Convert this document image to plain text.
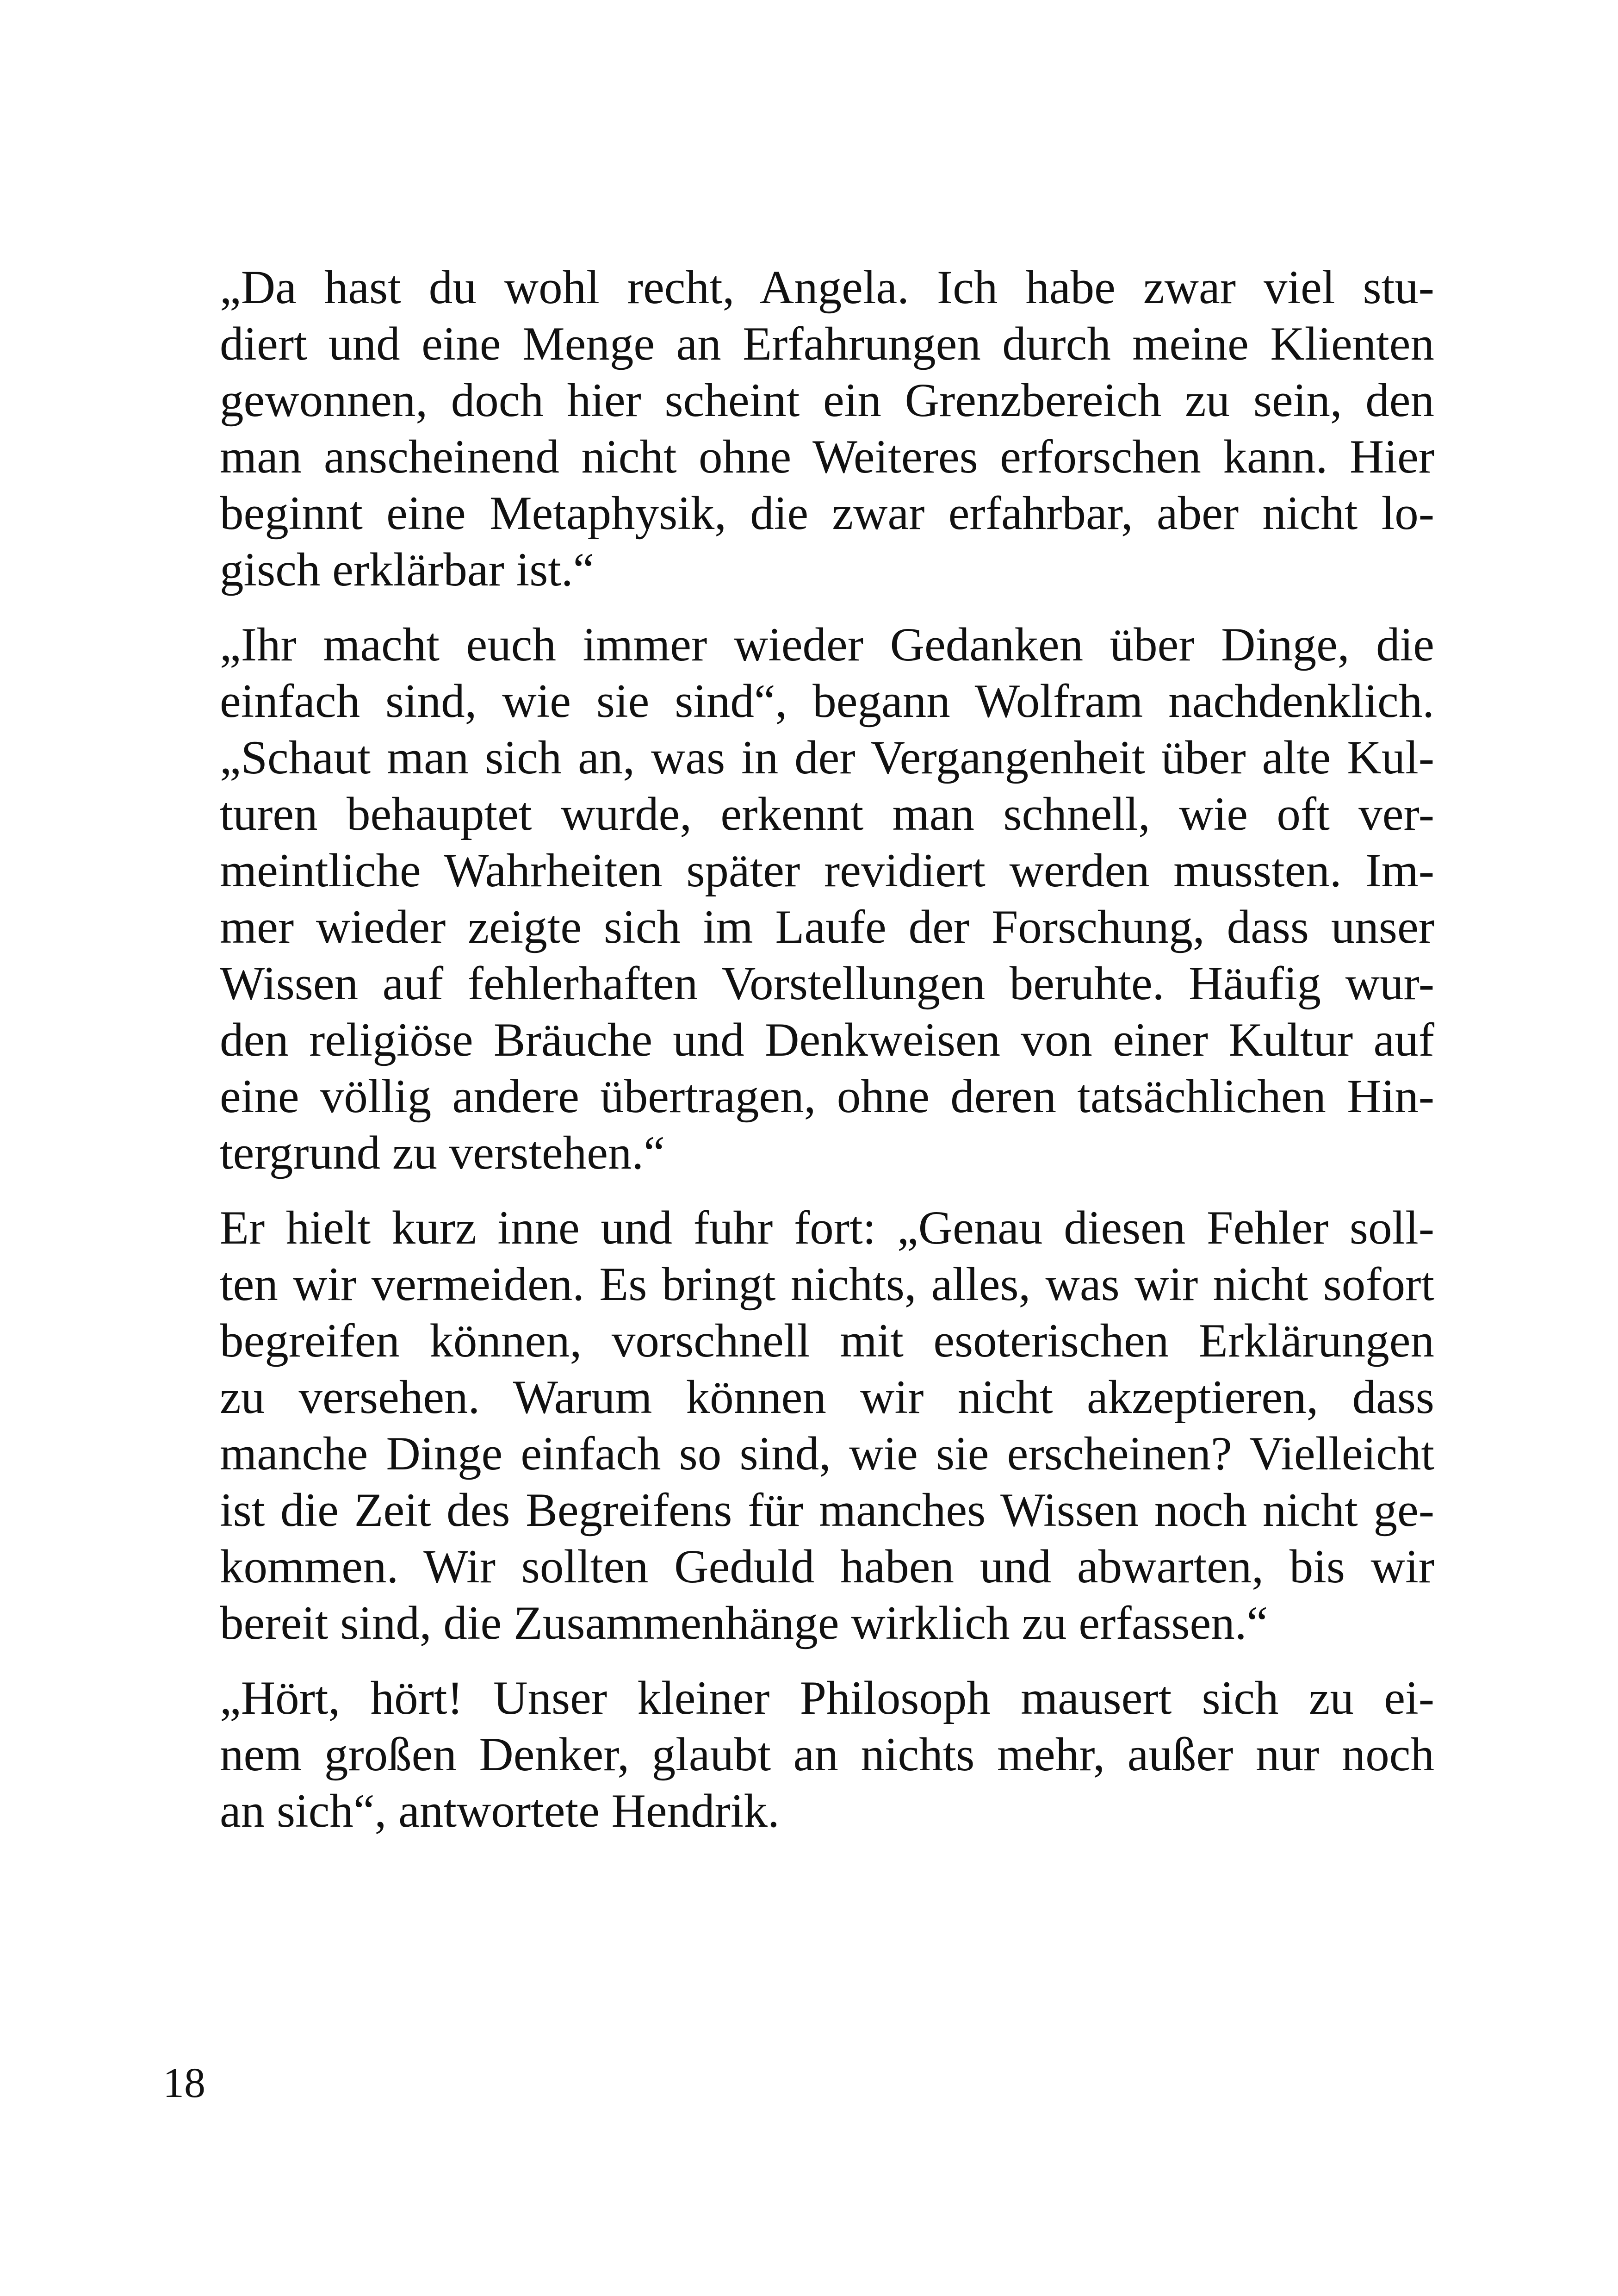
„Da hast du wohl recht, Angela. Ich habe zwar viel stu-
diert und eine Menge an Erfahrungen durch meine Klienten
gewonnen, doch hier scheint ein Grenzbereich zu sein, den
man anscheinend nicht ohne Weiteres erforschen kann. Hier
beginnt eine Metaphysik, die zwar erfahrbar, aber nicht lo-
gisch erklärbar ist.“

„Ihr macht euch immer wieder Gedanken über Dinge, die
einfach sind, wie sie sind“, begann Wolfram nachdenklich.
„Schaut man sich an, was in der Vergangenheit über alte Kul-
turen behauptet wurde, erkennt man schnell, wie oft ver-
meintliche Wahrheiten später revidiert werden mussten. Im-
mer wieder zeigte sich im Laufe der Forschung, dass unser
Wissen auf fehlerhaften Vorstellungen beruhte. Häufig wur-
den religiöse Bräuche und Denkweisen von einer Kultur auf
eine völlig andere übertragen, ohne deren tatsächlichen Hin-
tergrund zu verstehen.“

Er hielt kurz inne und fuhr fort: „Genau diesen Fehler soll-
ten wir vermeiden. Es bringt nichts, alles, was wir nicht sofort
begreifen können, vorschnell mit esoterischen Erklärungen
zu versehen. Warum können wir nicht akzeptieren, dass
manche Dinge einfach so sind, wie sie erscheinen? Vielleicht
ist die Zeit des Begreifens für manches Wissen noch nicht ge-
kommen. Wir sollten Geduld haben und abwarten, bis wir
bereit sind, die Zusammenhänge wirklich zu erfassen.“

„Hört, hört! Unser kleiner Philosoph mausert sich zu ei-
nem großen Denker, glaubt an nichts mehr, außer nur noch
an sich“, antwortete Hendrik.

18
